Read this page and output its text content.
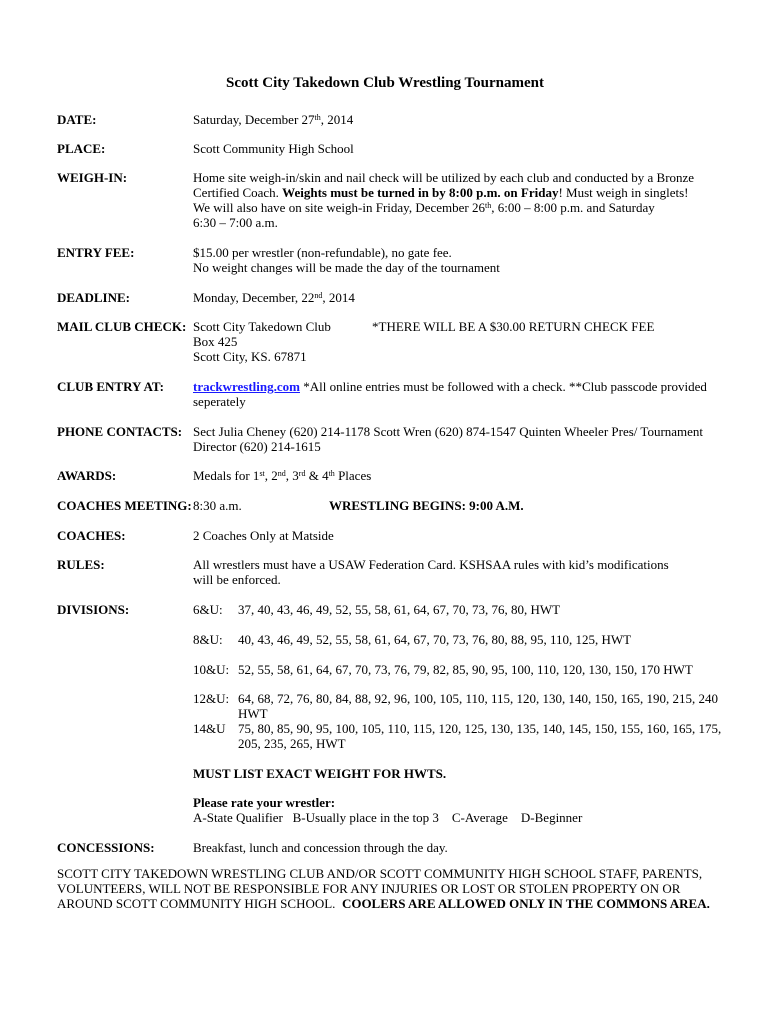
Scott City Takedown Club Wrestling Tournament
DATE:	Saturday, December 27th, 2014
PLACE:	Scott Community High School
WEIGH-IN:	Home site weigh-in/skin and nail check will be utilized by each club and conducted by a Bronze
Certified Coach. Weights must be turned in by 8:00 p.m. on Friday! Must weigh in singlets!
We will also have on site weigh-in Friday, December 26th, 6:00 – 8:00 p.m. and Saturday
6:30 – 7:00 a.m.
ENTRY FEE:	$15.00 per wrestler (non-refundable), no gate fee.
No weight changes will be made the day of the tournament
DEADLINE:	Monday, December, 22nd, 2014
MAIL CLUB CHECK: Scott City Takedown Club
Box 425
Scott City, KS. 67871
*THERE WILL BE A $30.00 RETURN CHECK FEE
CLUB ENTRY AT: trackwrestling.com *All online entries must be followed with a check. **Club passcode provided
seperately
PHONE CONTACTS: Sect Julia Cheney (620) 214-1178 Scott Wren (620) 874-1547 Quinten Wheeler Pres/ Tournament
Director (620) 214-1615
AWARDS:	Medals for 1st, 2nd, 3rd & 4th Places
COACHES MEETING: 8:30 a.m.	WRESTLING BEGINS: 9:00 A.M.
COACHES:	2 Coaches Only at Matside
RULES:	All wrestlers must have a USAW Federation Card. KSHSAA rules with kid’s modifications
will be enforced.
DIVISIONS:	6&U: 37, 40, 43, 46, 49, 52, 55, 58, 61, 64, 67, 70, 73, 76, 80, HWT
8&U: 40, 43, 46, 49, 52, 55, 58, 61, 64, 67, 70, 73, 76, 80, 88, 95, 110, 125, HWT
10&U: 52, 55, 58, 61, 64, 67, 70, 73, 76, 79, 82, 85, 90, 95, 100, 110, 120, 130, 150, 170 HWT
12&U: 64, 68, 72, 76, 80, 84, 88, 92, 96, 100, 105, 110, 115, 120, 130, 140, 150, 165, 190, 215, 240
HWT
14&U 75, 80, 85, 90, 95, 100, 105, 110, 115, 120, 125, 130, 135, 140, 145, 150, 155, 160, 165, 175,
205, 235, 265, HWT
MUST LIST EXACT WEIGHT FOR HWTS.
Please rate your wrestler:
A-State Qualifier   B-Usually place in the top 3    C-Average    D-Beginner
CONCESSIONS:	Breakfast, lunch and concession through the day.
SCOTT CITY TAKEDOWN WRESTLING CLUB AND/OR SCOTT COMMUNITY HIGH SCHOOL STAFF, PARENTS,
VOLUNTEERS, WILL NOT BE RESPONSIBLE FOR ANY INJURIES OR LOST OR STOLEN PROPERTY ON OR
AROUND SCOTT COMMUNITY HIGH SCHOOL.  COOLERS ARE ALLOWED ONLY IN THE COMMONS AREA.
